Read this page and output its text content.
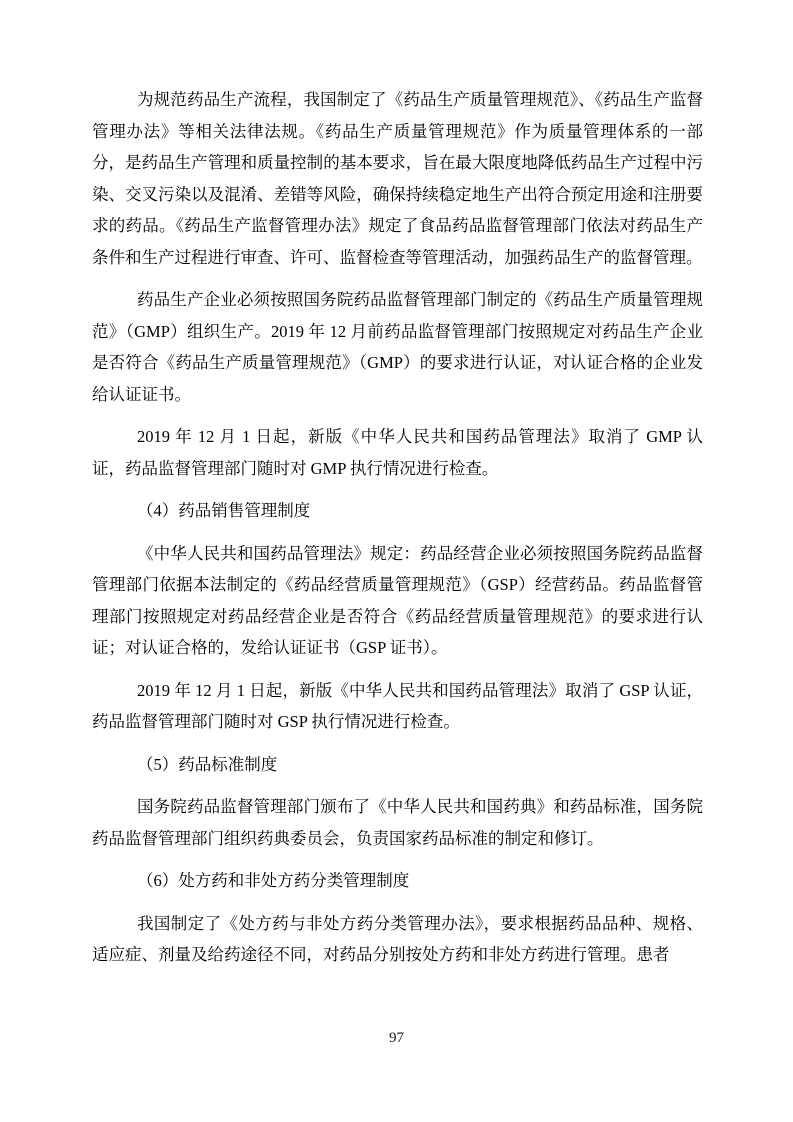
为规范药品生产流程，我国制定了《药品生产质量管理规范》、《药品生产监督管理办法》等相关法律法规。《药品生产质量管理规范》作为质量管理体系的一部分，是药品生产管理和质量控制的基本要求，旨在最大限度地降低药品生产过程中污染、交叉污染以及混淆、差错等风险，确保持续稳定地生产出符合预定用途和注册要求的药品。《药品生产监督管理办法》规定了食品药品监督管理部门依法对药品生产条件和生产过程进行审查、许可、监督检查等管理活动，加强药品生产的监督管理。

药品生产企业必须按照国务院药品监督管理部门制定的《药品生产质量管理规范》（GMP）组织生产。2019 年 12 月前药品监督管理部门按照规定对药品生产企业是否符合《药品生产质量管理规范》（GMP）的要求进行认证，对认证合格的企业发给认证证书。

2019 年 12 月 1 日起，新版《中华人民共和国药品管理法》取消了 GMP 认证，药品监督管理部门随时对 GMP 执行情况进行检查。

（4）药品销售管理制度

《中华人民共和国药品管理法》规定：药品经营企业必须按照国务院药品监督管理部门依据本法制定的《药品经营质量管理规范》（GSP）经营药品。药品监督管理部门按照规定对药品经营企业是否符合《药品经营质量管理规范》的要求进行认证；对认证合格的，发给认证证书（GSP 证书）。

2019 年 12 月 1 日起，新版《中华人民共和国药品管理法》取消了 GSP 认证，药品监督管理部门随时对 GSP 执行情况进行检查。

（5）药品标准制度

国务院药品监督管理部门颁布了《中华人民共和国药典》和药品标准，国务院药品监督管理部门组织药典委员会，负责国家药品标准的制定和修订。

（6）处方药和非处方药分类管理制度

我国制定了《处方药与非处方药分类管理办法》，要求根据药品品种、规格、适应症、剂量及给药途径不同，对药品分别按处方药和非处方药进行管理。患者

97
